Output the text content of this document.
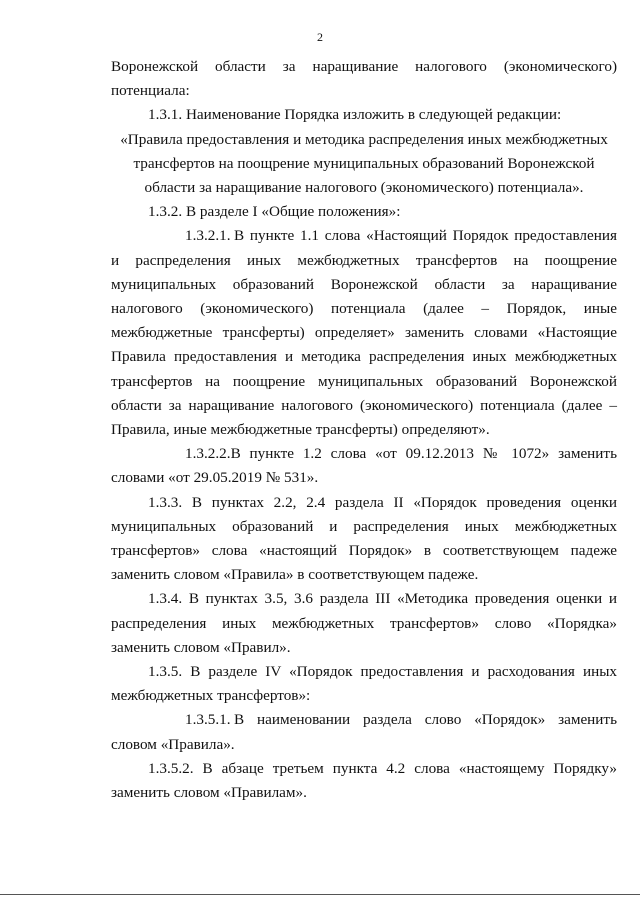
2

Воронежской области за наращивание налогового (экономического) потенциала:

1.3.1. Наименование Порядка изложить в следующей редакции:

«Правила предоставления и методика распределения иных межбюджетных трансфертов на поощрение муниципальных образований Воронежской области за наращивание налогового (экономического) потенциала».

1.3.2. В разделе I «Общие положения»:

1.3.2.1. В пункте 1.1 слова «Настоящий Порядок предоставления и распределения иных межбюджетных трансфертов на поощрение муниципальных образований Воронежской области за наращивание налогового (экономического) потенциала (далее – Порядок, иные межбюджетные трансферты) определяет» заменить словами «Настоящие Правила предоставления и методика распределения иных межбюджетных трансфертов на поощрение муниципальных образований Воронежской области за наращивание налогового (экономического) потенциала (далее – Правила, иные межбюджетные трансферты) определяют».

1.3.2.2.В пункте 1.2 слова «от 09.12.2013 № 1072» заменить словами «от 29.05.2019 № 531».

1.3.3. В пунктах 2.2, 2.4 раздела II «Порядок проведения оценки муниципальных образований и распределения иных межбюджетных трансфертов» слова «настоящий Порядок» в соответствующем падеже заменить словом «Правила» в соответствующем падеже.

1.3.4. В пунктах 3.5, 3.6 раздела III «Методика проведения оценки и распределения иных межбюджетных трансфертов» слово «Порядка» заменить словом «Правил».

1.3.5. В разделе IV «Порядок предоставления и расходования иных межбюджетных трансфертов»:

1.3.5.1. В наименовании раздела слово «Порядок» заменить словом «Правила».

1.3.5.2. В абзаце третьем пункта 4.2 слова «настоящему Порядку» заменить словом «Правилам».
